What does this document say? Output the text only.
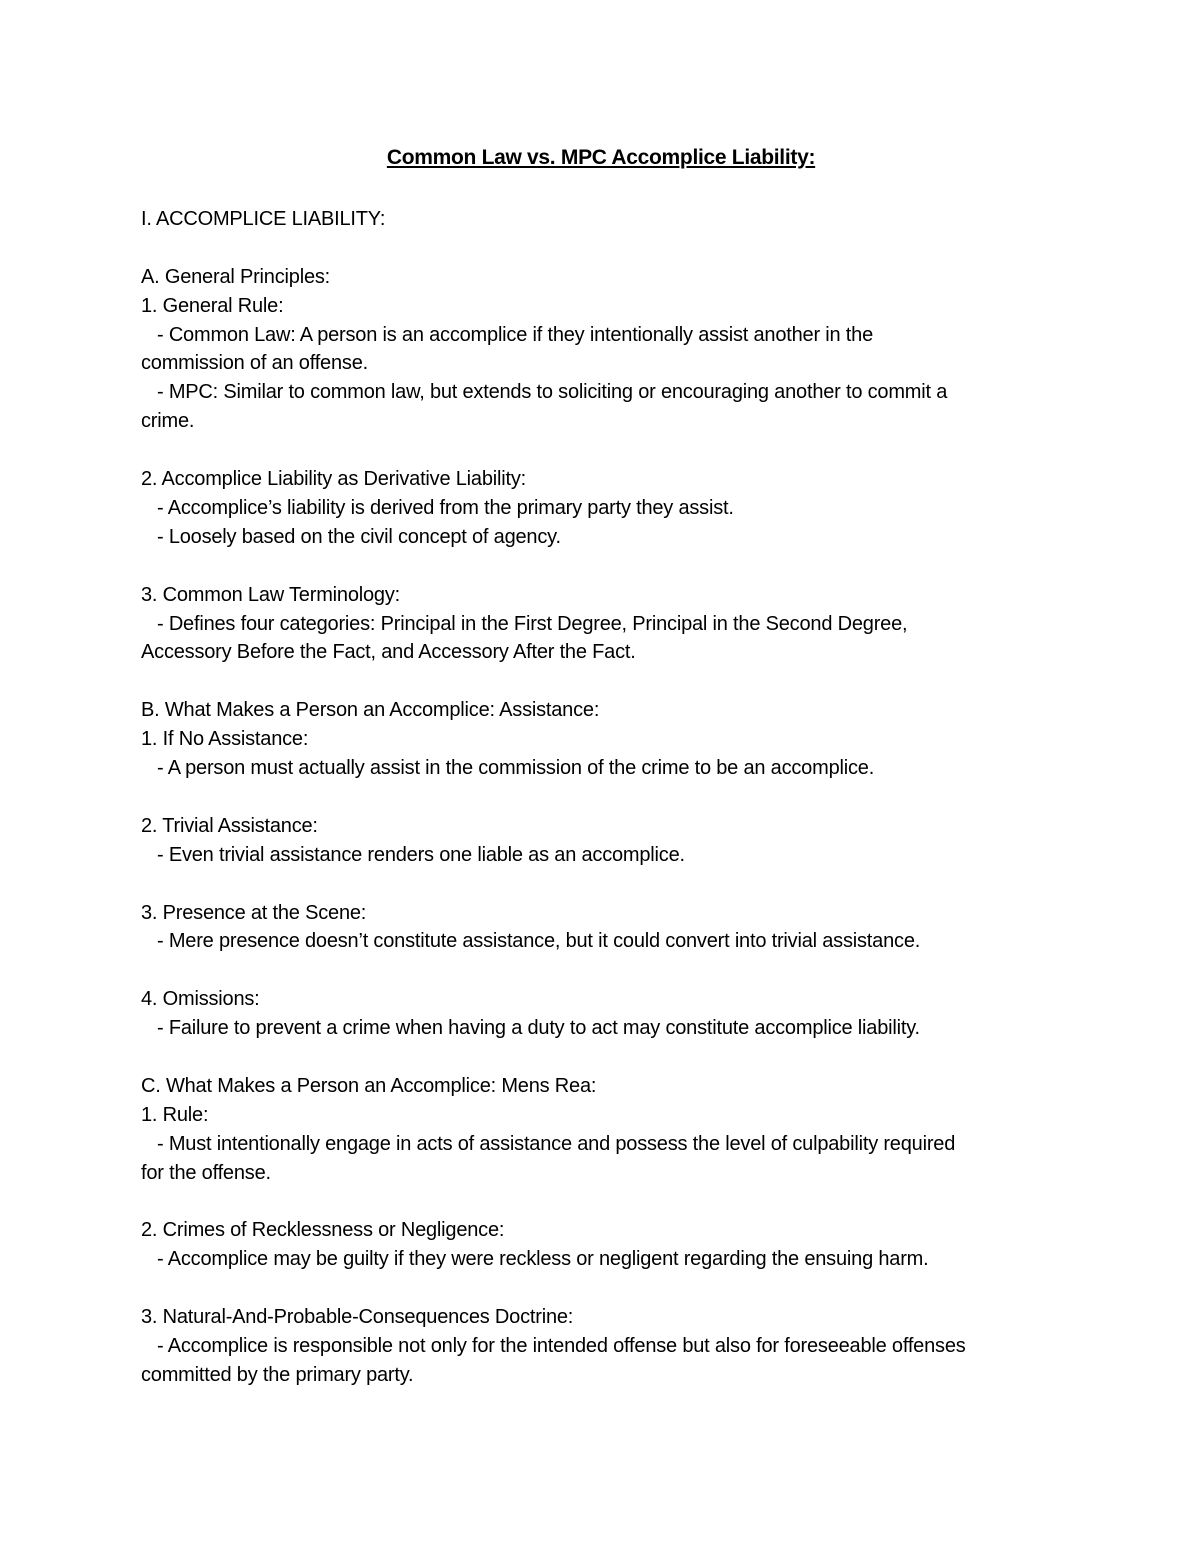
Common Law vs. MPC Accomplice Liability:

I. ACCOMPLICE LIABILITY:

A. General Principles:

1. General Rule:

- Common Law: A person is an accomplice if they intentionally assist another in the

commission of an offense.

- MPC: Similar to common law, but extends to soliciting or encouraging another to commit a

crime.

2. Accomplice Liability as Derivative Liability:

- Accomplice’s liability is derived from the primary party they assist.

- Loosely based on the civil concept of agency.

3. Common Law Terminology:

- Defines four categories: Principal in the First Degree, Principal in the Second Degree,

Accessory Before the Fact, and Accessory After the Fact.

B. What Makes a Person an Accomplice: Assistance:

1. If No Assistance:

- A person must actually assist in the commission of the crime to be an accomplice.

2. Trivial Assistance:

- Even trivial assistance renders one liable as an accomplice.

3. Presence at the Scene:

- Mere presence doesn’t constitute assistance, but it could convert into trivial assistance.

4. Omissions:

- Failure to prevent a crime when having a duty to act may constitute accomplice liability.

C. What Makes a Person an Accomplice: Mens Rea:

1. Rule:

- Must intentionally engage in acts of assistance and possess the level of culpability required

for the offense.

2. Crimes of Recklessness or Negligence:

- Accomplice may be guilty if they were reckless or negligent regarding the ensuing harm.

3. Natural-And-Probable-Consequences Doctrine:

- Accomplice is responsible not only for the intended offense but also for foreseeable offenses

committed by the primary party.
